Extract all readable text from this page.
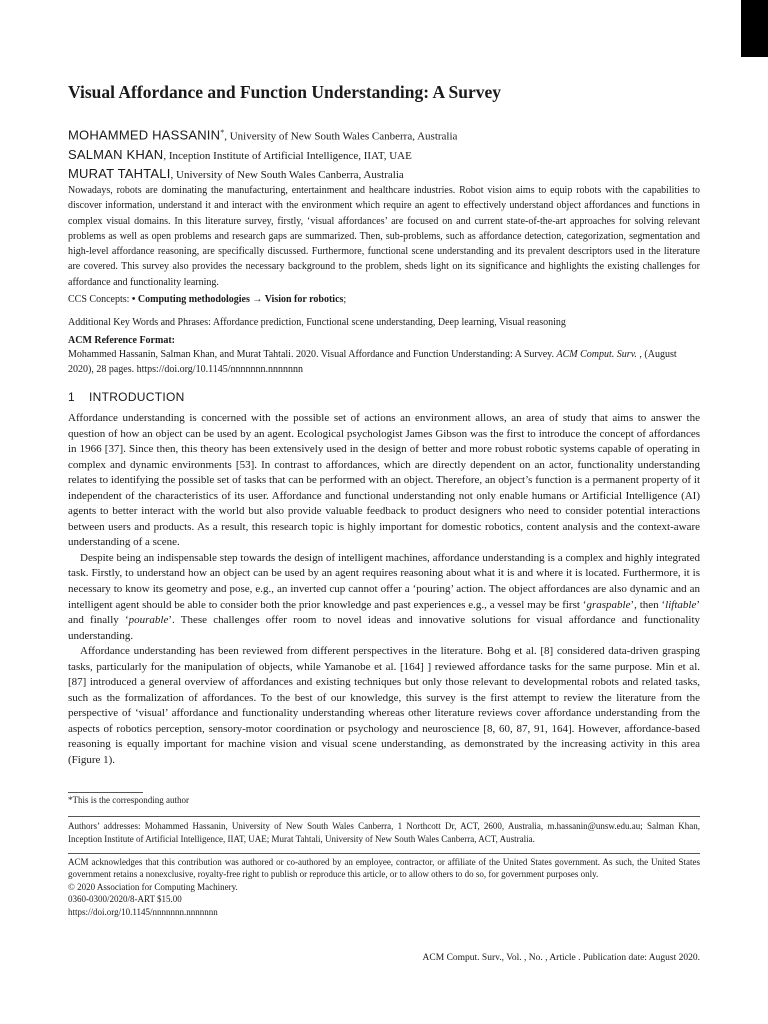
Visual Affordance and Function Understanding: A Survey
MOHAMMED HASSANIN*, University of New South Wales Canberra, Australia
SALMAN KHAN, Inception Institute of Artificial Intelligence, IIAT, UAE
MURAT TAHTALI, University of New South Wales Canberra, Australia

Nowadays, robots are dominating the manufacturing, entertainment and healthcare industries. Robot vision aims to equip robots with the capabilities to discover information, understand it and interact with the environment which require an agent to effectively understand object affordances and functions in complex visual domains. In this literature survey, firstly, ‘visual affordances’ are focused on and current state-of-the-art approaches for solving relevant problems as well as open problems and research gaps are summarized. Then, sub-problems, such as affordance detection, categorization, segmentation and high-level affordance reasoning, are specifically discussed. Furthermore, functional scene understanding and its prevalent descriptors used in the literature are covered. This survey also provides the necessary background to the problem, sheds light on its significance and highlights the existing challenges for affordance and functionality learning.

CCS Concepts: • Computing methodologies → Vision for robotics;
Additional Key Words and Phrases: Affordance prediction, Functional scene understanding, Deep learning, Visual reasoning
ACM Reference Format:

Mohammed Hassanin, Salman Khan, and Murat Tahtali. 2020. Visual Affordance and Function Understanding: A Survey. ACM Comput. Surv. , (August 2020), 28 pages. https://doi.org/10.1145/nnnnnnn.nnnnnnn

1 INTRODUCTION

Affordance understanding is concerned with the possible set of actions an environment allows, an area of study that aims to answer the question of how an object can be used by an agent. Ecological psychologist James Gibson was the first to introduce the concept of affordances in 1966 [37]. Since then, this theory has been extensively used in the design of better and more robust robotic systems capable of operating in complex and dynamic environments [53]. In contrast to affordances, which are directly dependent on an actor, functionality understanding relates to identifying the possible set of tasks that can be performed with an object. Therefore, an object’s function is a permanent property of it independent of the characteristics of its user. Affordance and functional understanding not only enable humans or Artificial Intelligence (AI) agents to better interact with the world but also provide valuable feedback to product designers who need to consider potential interactions between users and products. As a result, this research topic is highly important for domestic robotics, content analysis and the context-aware understanding of a scene.

Despite being an indispensable step towards the design of intelligent machines, affordance understanding is a complex and highly integrated task. Firstly, to understand how an object can be used by an agent requires reasoning about what it is and where it is located. Furthermore, it is necessary to know its geometry and pose, e.g., an inverted cup cannot offer a ‘pouring’ action. The object affordances are also dynamic and an intelligent agent should be able to consider both the prior knowledge and past experiences e.g., a vessel may be first ‘graspable’, then ‘liftable’ and finally ‘pourable’. These challenges offer room to novel ideas and innovative solutions for visual affordance and functionality understanding.

Affordance understanding has been reviewed from different perspectives in the literature. Bohg et al. [8] considered data-driven grasping tasks, particularly for the manipulation of objects, while Yamanobe et al. [164] ] reviewed affordance tasks for the same purpose. Min et al. [87] introduced a general overview of affordances and existing techniques but only those relevant to developmental robots and related tasks, such as the formalization of affordances. To the best of our knowledge, this survey is the first attempt to review the literature from the perspective of ‘visual’ affordance and functionality understanding whereas other literature reviews cover affordance understanding from the aspects of robotics perception, sensory-motor coordination or psychology and neuroscience [8, 60, 87, 91, 164]. However, affordance-based reasoning is equally important for machine vision and visual scene understanding, as demonstrated by the increasing activity in this area (Figure 1).

*This is the corresponding author

Authors’ addresses: Mohammed Hassanin, University of New South Wales Canberra, 1 Northcott Dr, ACT, 2600, Australia, m.hassanin@unsw.edu.au; Salman Khan, Inception Institute of Artificial Intelligence, IIAT, UAE; Murat Tahtali, University of New South Wales Canberra, ACT, Australia.

ACM acknowledges that this contribution was authored or co-authored by an employee, contractor, or affiliate of the United States government. As such, the United States government retains a nonexclusive, royalty-free right to publish or reproduce this article, or to allow others to do so, for government purposes only.

© 2020 Association for Computing Machinery.

0360-0300/2020/8-ART $15.00

https://doi.org/10.1145/nnnnnnn.nnnnnnn

ACM Comput. Surv., Vol. , No. , Article . Publication date: August 2020.
